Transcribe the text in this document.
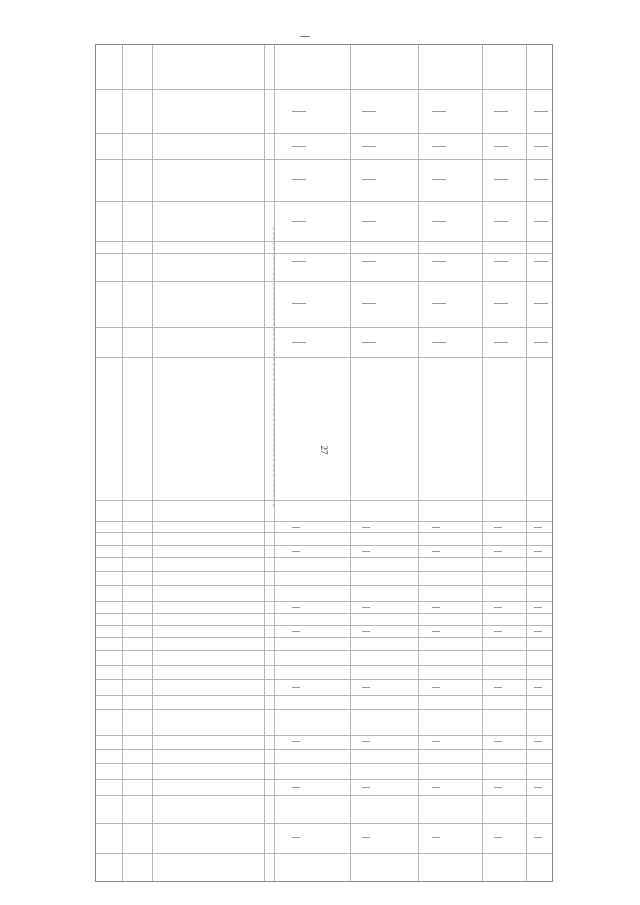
27
